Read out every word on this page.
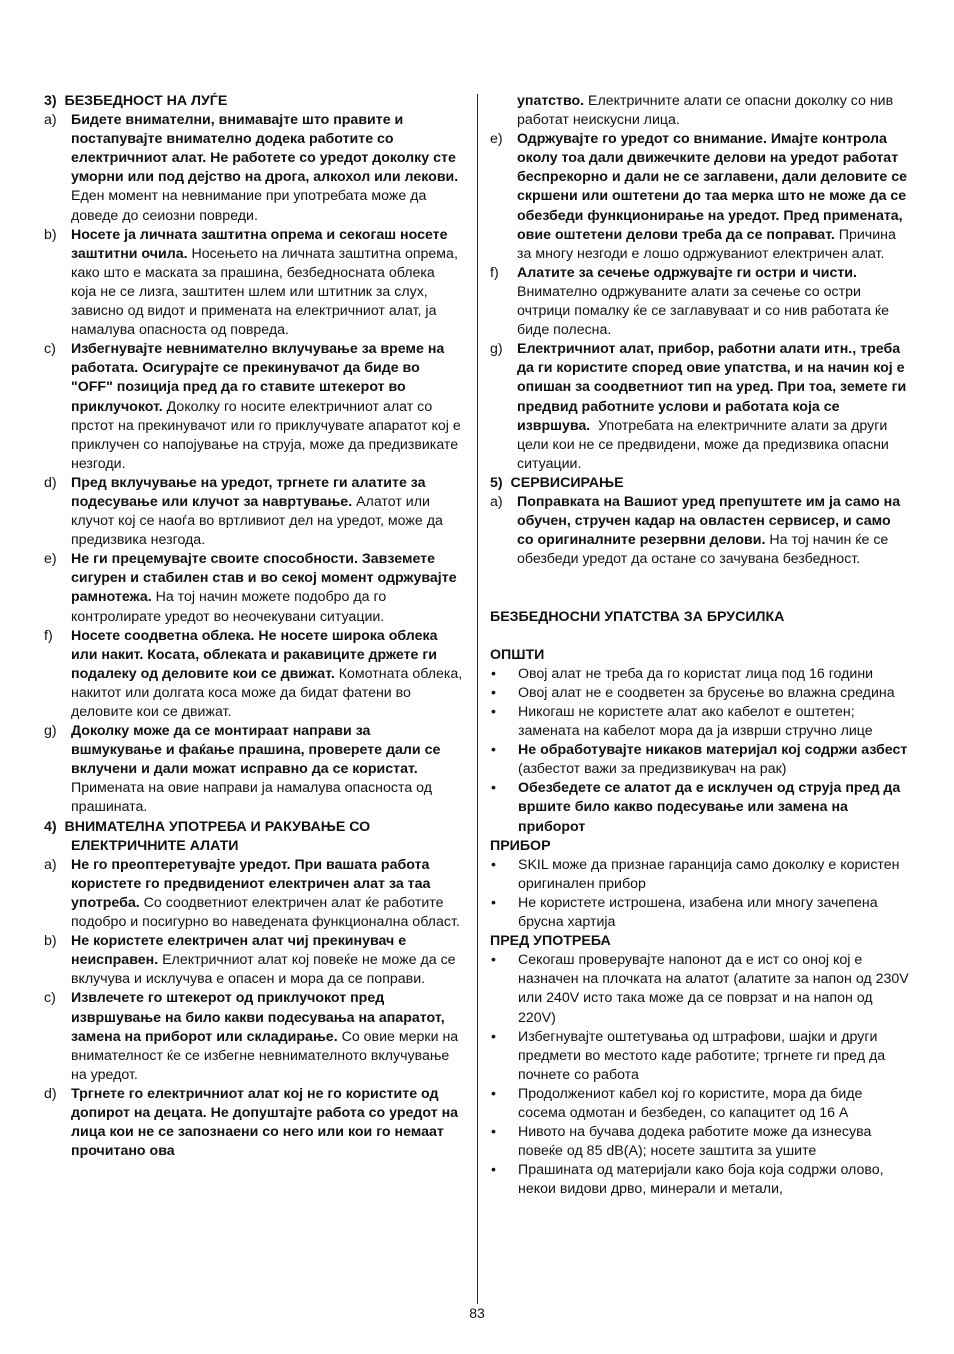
3)  БЕЗБЕДНОСТ НА ЛУЃЕ
a)	Бидете внимателни, внимавајте што правите и постапувајте внимателно додека работите со електричниот алат. Не работете со уредот доколку сте уморни или под дејство на дрога, алкохол или лекови. Еден момент на невнимание при употребата може да доведе до сеиозни повреди.
b)	Носете ја личната заштитна опрема и секогаш носете заштитни очила. Носењето на личната заштитна опрема, како што е маската за прашина, безбедносната облека која не се лизга, заштитен шлем или штитник за слух, зависно од видот и примената на електричниот алат, ја намалува опасноста од повреда.
c)	Избегнувајте невнимателно вклучување за време на работата. Осигурајте се прекинувачот да биде во "OFF" позиција пред да го ставите штекерот во приклучокот. Доколку го носите електричниот алат со прстот на прекинувачот или го приклучувате апаратот кој е приклучен со напојување на струја, може да предизвикате незгоди.
d)	Пред вклучување на уредот, тргнете ги алатите за подесување или клучот за навртување. Алатот или клучот кој се наоѓа во вртливиот дел на уредот, може да предизвика незгода.
e)	Не ги прецемувајте своите способности. Завземете сигурен и стабилен став и во секој момент одржувајте рамнотежа. На тој начин можете подобро да го контролирате уредот во неочекувани ситуации.
f)	Носете соодветна облека. Не носете широка облека или накит. Косата, облеката и ракавиците држете ги подалеку од деловите кои се движат. Комотната облека, накитот или долгата коса може да бидат фатени во деловите кои се движат.
g)	Доколку може да се монтираат направи за вшмукување и фаќање прашина, проверете дали се вклучени и дали можат исправно да се користат. Примената на овие направи ја намалува опасноста од прашината.
4)  ВНИМАТЕЛНА УПОТРЕБА И РАКУВАЊЕ СО
ЕЛЕКТРИЧНИТЕ АЛАТИ
a)	Не го преоптеретувајте уредот. При вашата работа користете го предвидениот електричен алат за таа употреба. Со соодветниот електричен алат ќе работите подобро и посигурно во наведената функционална област.
b)	Не користете електричен алат чиј прекинувач е неисправен. Електричниот алат кој повеќе не може да се вклучува и исклучува е опасен и мора да се поправи.
c)	Извлечете го штекерот од приклучокот пред извршување на било какви подесувања на апаратот, замена на приборот или складирање. Со овие мерки на внимателност ќе се избегне невнимателното вклучување на уредот.
d)	Тргнете го електричниот алат кој не го користите од допирот на децата. Не допуштајте работа со уредот на лица кои не се запознаени со него или кои го немаат прочитано ова
упатство. Електричните алати се опасни доколку со нив работат неискусни лица.
e)	Одржувајте го уредот со внимание. Имајте контрола околу тоа дали движечките делови на уредот работат беспрекорно и дали не се заглавени, дали деловите се скршени или оштетени до таа мерка што не може да се обезбеди функционирање на уредот. Пред примената, овие оштетени делови треба да се поправат. Причина за многу незгоди е лошо одржуваниот електричен алат.
f)	Алатите за сечење одржувајте ги остри и чисти. Внимателно одржуваните алати за сечење со остри очтрици помалку ќе се заглавуваат и со нив работата ќе биде полесна.
g)	Електричниот алат, прибор, работни алати итн., треба да ги користите според овие упатства, и на начин кој е опишан за соодветниот тип на уред. При тоа, земете ги предвид работните услови и работата која се извршува.  Употребата на електричните алати за други цели кои не се предвидени, може да предизвика опасни ситуации.
5)  СЕРВИСИРАЊЕ
a)	Поправката на Вашиот уред препуштете им ја само на обучен, стручен кадар на овластен сервисер, и само со оригиналните резервни делови. На тој начин ќе се обезбеди уредот да остане со зачувана безбедност.
БЕЗБЕДНОСНИ УПАТСТВА ЗА БРУСИЛКА
ОПШТИ
•	Овој алат не треба да го користат лица под 16 години
•	Овој алат не е соодветен за брусење во влажна средина
•	Никогаш не користете алат ако кабелот е оштетен; замената на кабелот мора да ја изврши стручно лице
•	Не обработувајте никаков материјал кој содржи азбест (азбестот важи за предизвикувач на рак)
•	Обезбедете се алатот да е исклучен од струја пред да вршите било какво подесување или замена на приборот
ПРИБОР
•	SKIL може да признае гаранција само доколку е користен оригинален прибор
•	Не користете истрошена, изабена или многу зачепена брусна хартија
ПРЕД УПОТРЕБА
•	Секогаш проверувајте напонот да е ист со оној кој е назначен на плочката на алатот (алатите за напон од 230V или 240V исто така може да се поврзат и на напон од 220V)
•	Избегнувајте оштетувања од штрафови, шајки и други предмети во местото каде работите; тргнете ги пред да почнете со работа
•	Продолжениот кабел кој го користите, мора да биде сосема одмотан и безбеден, со капацитет од 16 А
•	Нивото на бучава додека работите може да изнесува повеќе од 85 dB(A); носете заштита за ушите
•	Прашината од материјали како боја која содржи олово, некои видови дрво, минерали и метали,
83
